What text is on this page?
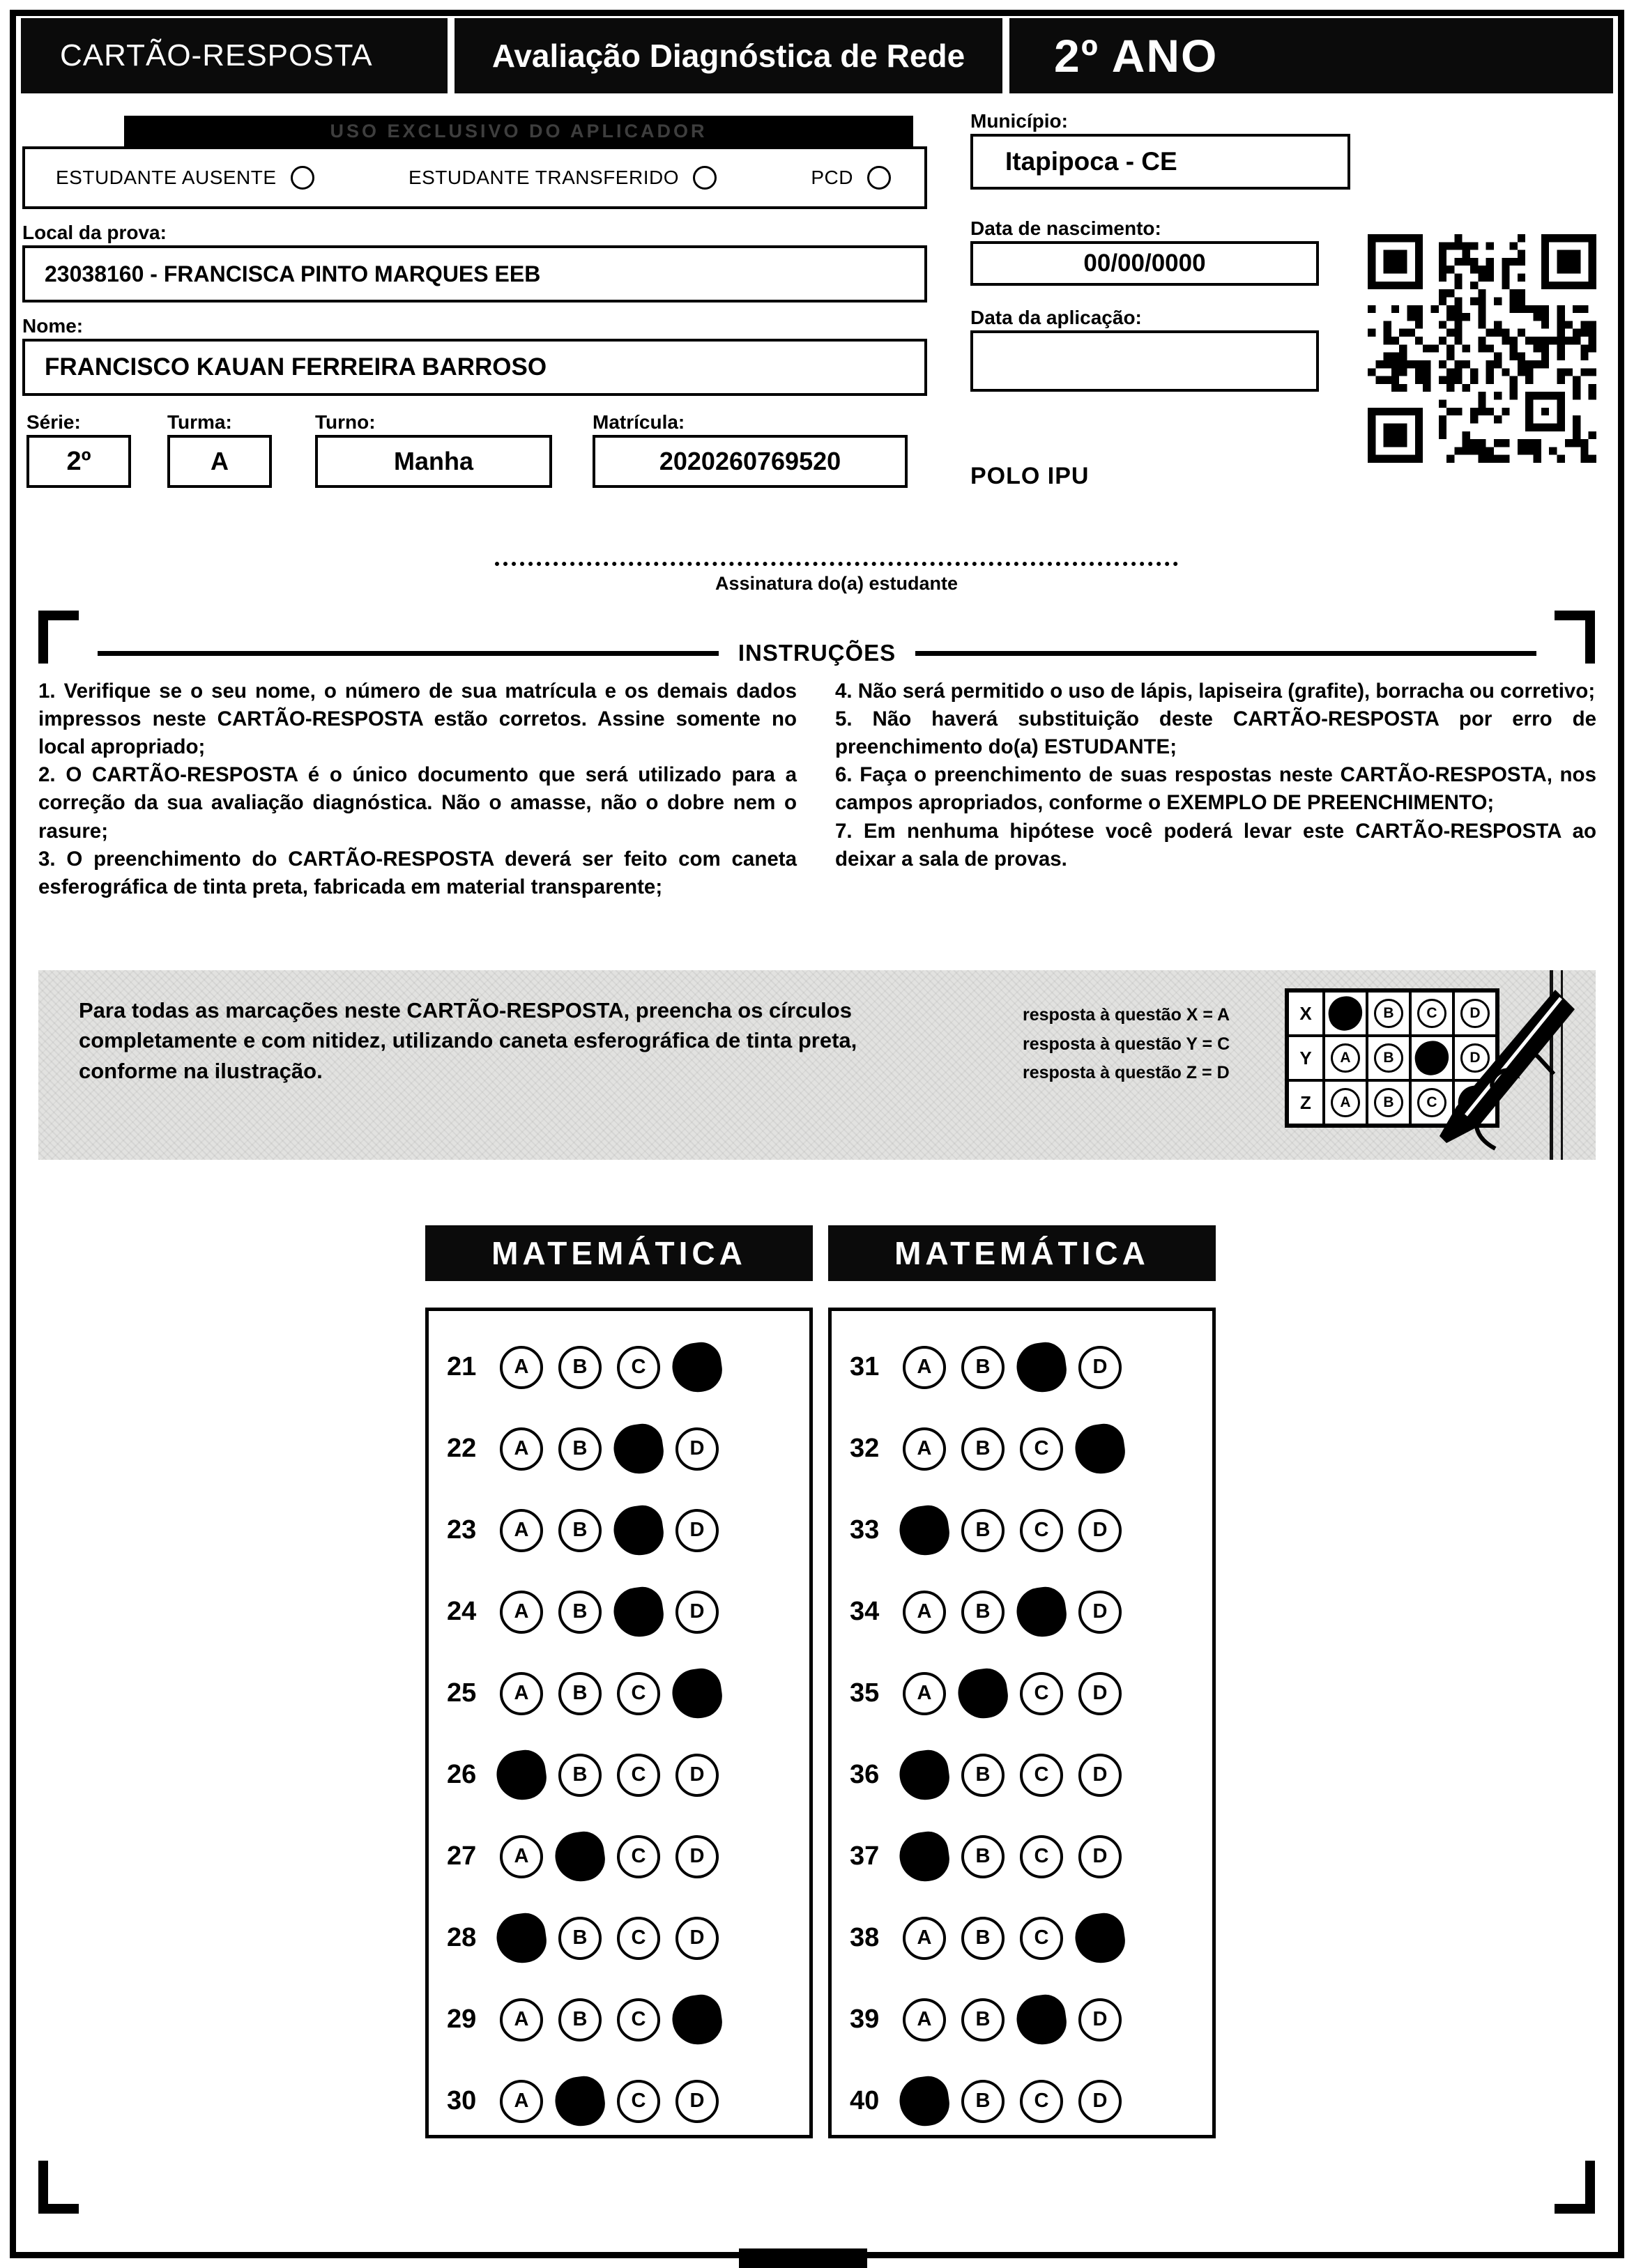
CARTÃO-RESPOSTA	Avaliação Diagnóstica de Rede	2º ANO
USO EXCLUSIVO DO APLICADOR
ESTUDANTE AUSENTE	ESTUDANTE TRANSFERIDO	PCD
Local da prova:
23038160 - FRANCISCA PINTO MARQUES EEB
Nome:
FRANCISCO KAUAN FERREIRA BARROSO
Série:
2º
Turma:
A
Turno:
Manha
Matrícula:
2020260769520
Município:
Itapipoca - CE
Data de nascimento:
00/00/0000
Data da aplicação:
POLO IPU
Assinatura do(a) estudante
INSTRUÇÕES

1. Verifique se o seu nome, o número de sua matrícula e os demais dados impressos neste CARTÃO-RESPOSTA estão corretos. Assine somente no local apropriado;

2. O CARTÃO-RESPOSTA é o único documento que será utilizado para a correção da sua avaliação diagnóstica. Não o amasse, não o dobre nem o rasure;

3. O preenchimento do CARTÃO-RESPOSTA deverá ser feito com caneta esferográfica de tinta preta, fabricada em material transparente;

4. Não será permitido o uso de lápis, lapiseira (grafite), borracha ou corretivo;

5. Não haverá substituição deste CARTÃO-RESPOSTA por erro de preenchimento do(a) ESTUDANTE;

6. Faça o preenchimento de suas respostas neste CARTÃO-RESPOSTA, nos campos apropriados, conforme o EXEMPLO DE PREENCHIMENTO;

7. Em nenhuma hipótese você poderá levar este CARTÃO-RESPOSTA ao deixar a sala de provas.

Para todas as marcações neste CARTÃO-RESPOSTA, preencha os círculos completamente e com nitidez, utilizando caneta esferográfica de tinta preta, conforme na ilustração.
resposta à questão X = A
resposta à questão Y = C
resposta à questão Z = D
X	A	B	C	D
Y	A	B	C	D
Z	A	B	C
MATEMÁTICA	MATEMÁTICA
21	A	B	C	D
22	A	B	C	D
23	A	B	C	D
24	A	B	C	D
25	A	B	C	D
26	A	B	C	D
27	A	B	C	D
28	A	B	C	D
29	A	B	C	D
30	A	B	C	D
31	A	B	C	D
32	A	B	C	D
33	A	B	C	D
34	A	B	C	D
35	A	B	C	D
36	A	B	C	D
37	A	B	C	D
38	A	B	C	D
39	A	B	C	D
40	A	B	C	D
